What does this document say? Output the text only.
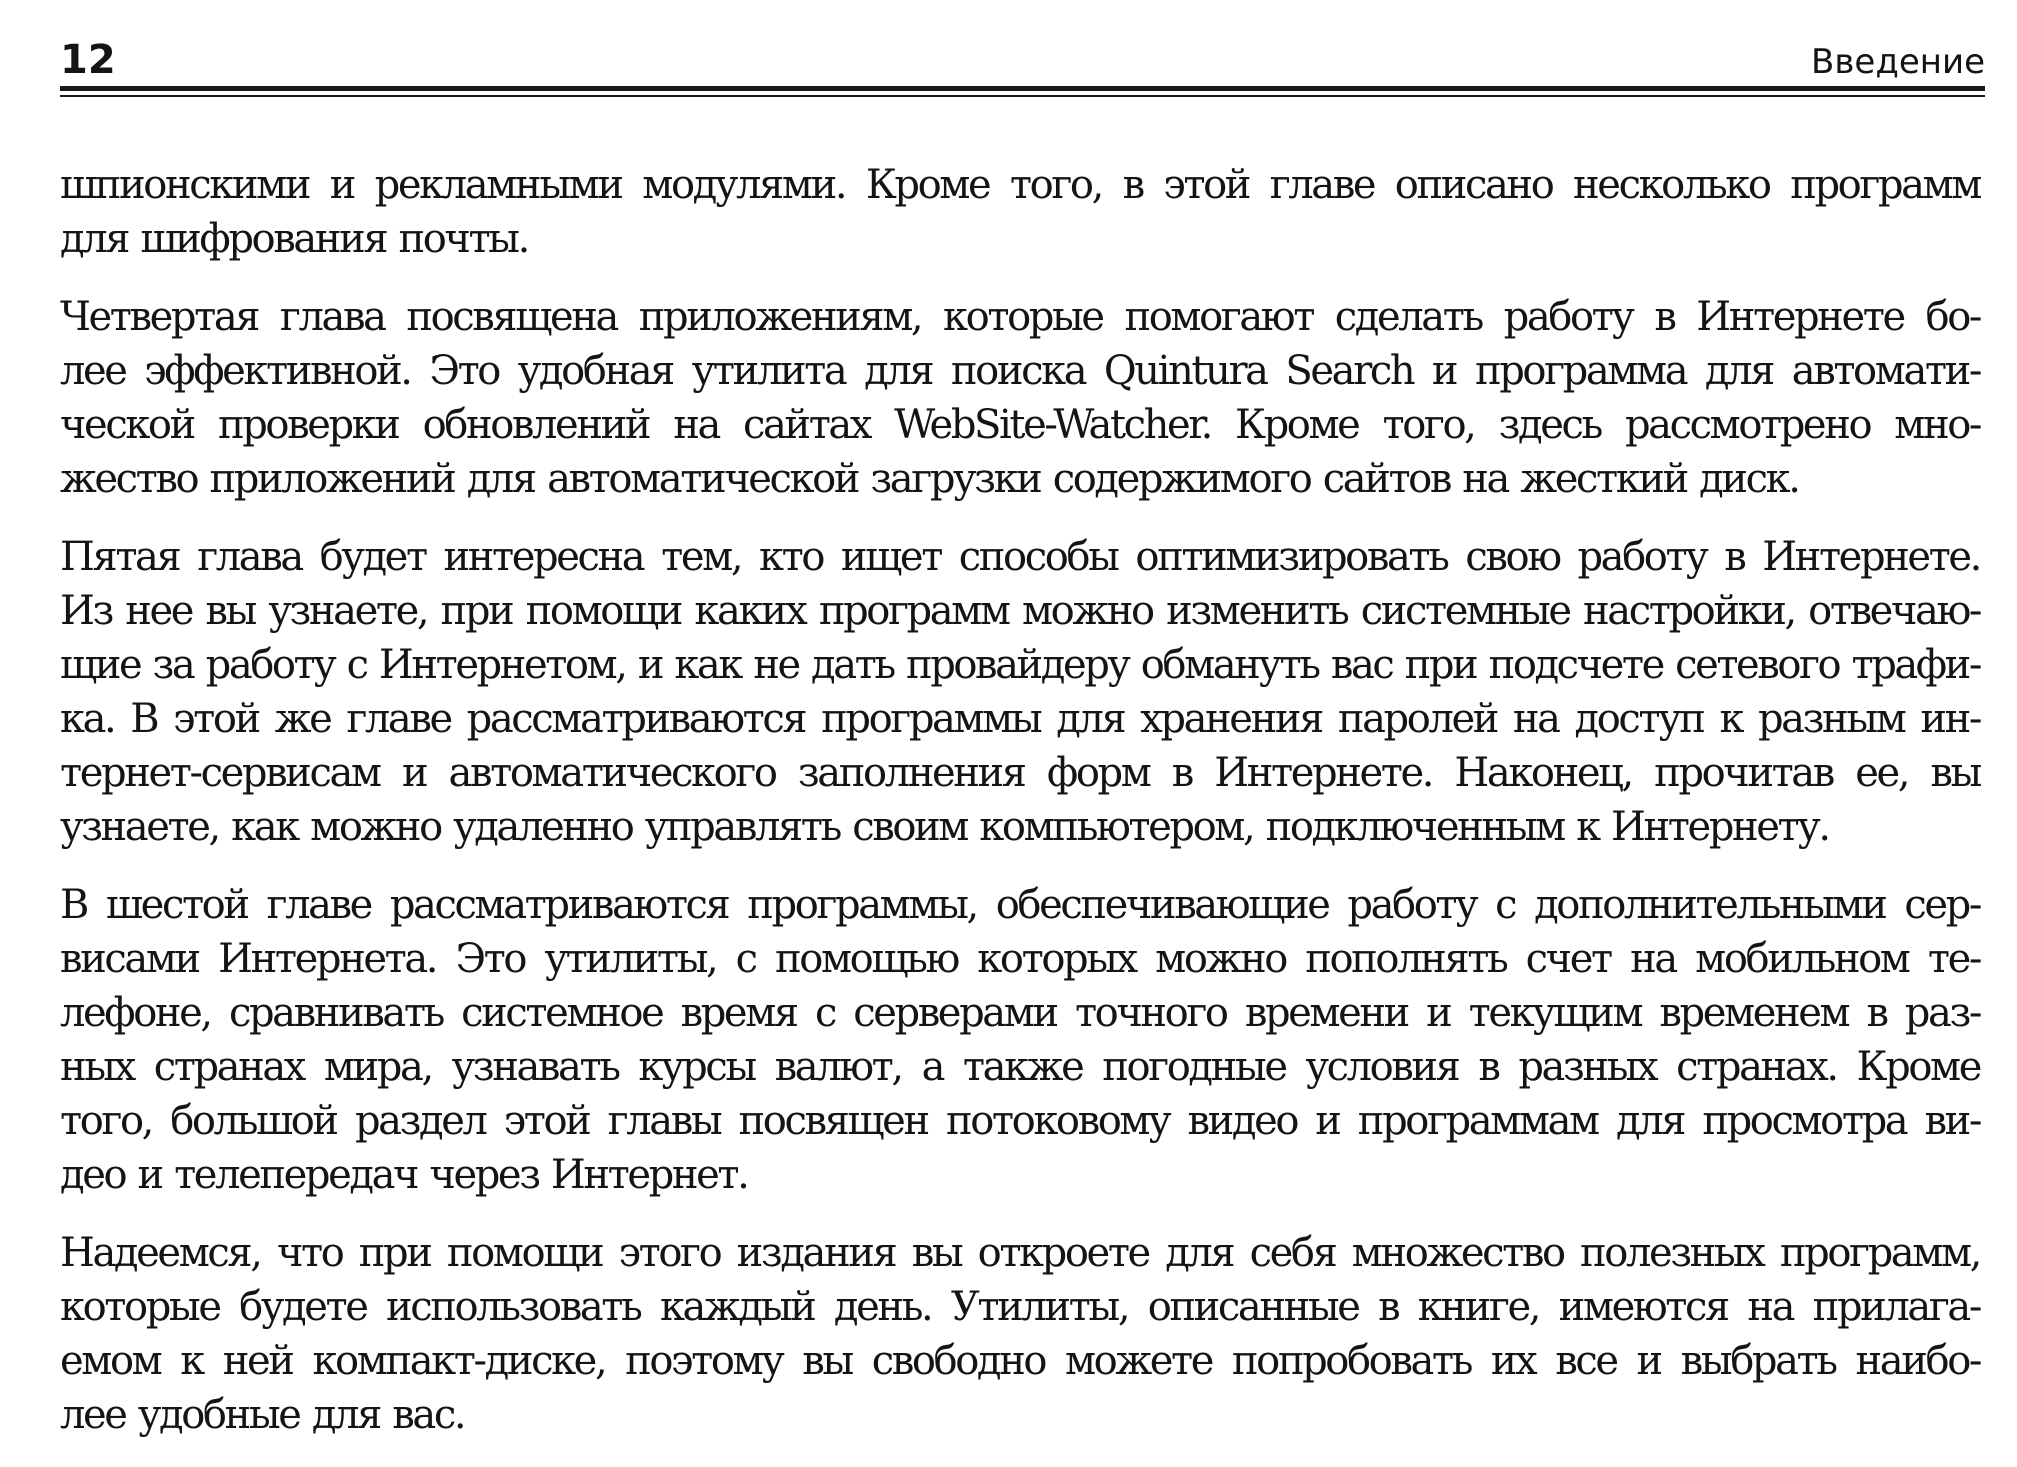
12	Введение

шпионскими и рекламными модулями. Кроме того, в этой главе описано несколько программ
для шифрования почты.

Четвертая глава посвящена приложениям, которые помогают сделать работу в Интернете бо-
лее эффективной. Это удобная утилита для поиска Quintura Search и программа для автомати-
ческой проверки обновлений на сайтах WebSite-Watcher. Кроме того, здесь рассмотрено мно-
жество приложений для автоматической загрузки содержимого сайтов на жесткий диск.

Пятая глава будет интересна тем, кто ищет способы оптимизировать свою работу в Интернете.
Из нее вы узнаете, при помощи каких программ можно изменить системные настройки, отвечаю-
щие за работу с Интернетом, и как не дать провайдеру обмануть вас при подсчете сетевого трафи-
ка. В этой же главе рассматриваются программы для хранения паролей на доступ к разным ин-
тернет-сервисам и автоматического заполнения форм в Интернете. Наконец, прочитав ее, вы
узнаете, как можно удаленно управлять своим компьютером, подключенным к Интернету.

В шестой главе рассматриваются программы, обеспечивающие работу с дополнительными сер-
висами Интернета. Это утилиты, с помощью которых можно пополнять счет на мобильном те-
лефоне, сравнивать системное время с серверами точного времени и текущим временем в раз-
ных странах мира, узнавать курсы валют, а также погодные условия в разных странах. Кроме
того, большой раздел этой главы посвящен потоковому видео и программам для просмотра ви-
део и телепередач через Интернет.

Надеемся, что при помощи этого издания вы откроете для себя множество полезных программ,
которые будете использовать каждый день. Утилиты, описанные в книге, имеются на прилага-
емом к ней компакт-диске, поэтому вы свободно можете попробовать их все и выбрать наибо-
лее удобные для вас.
